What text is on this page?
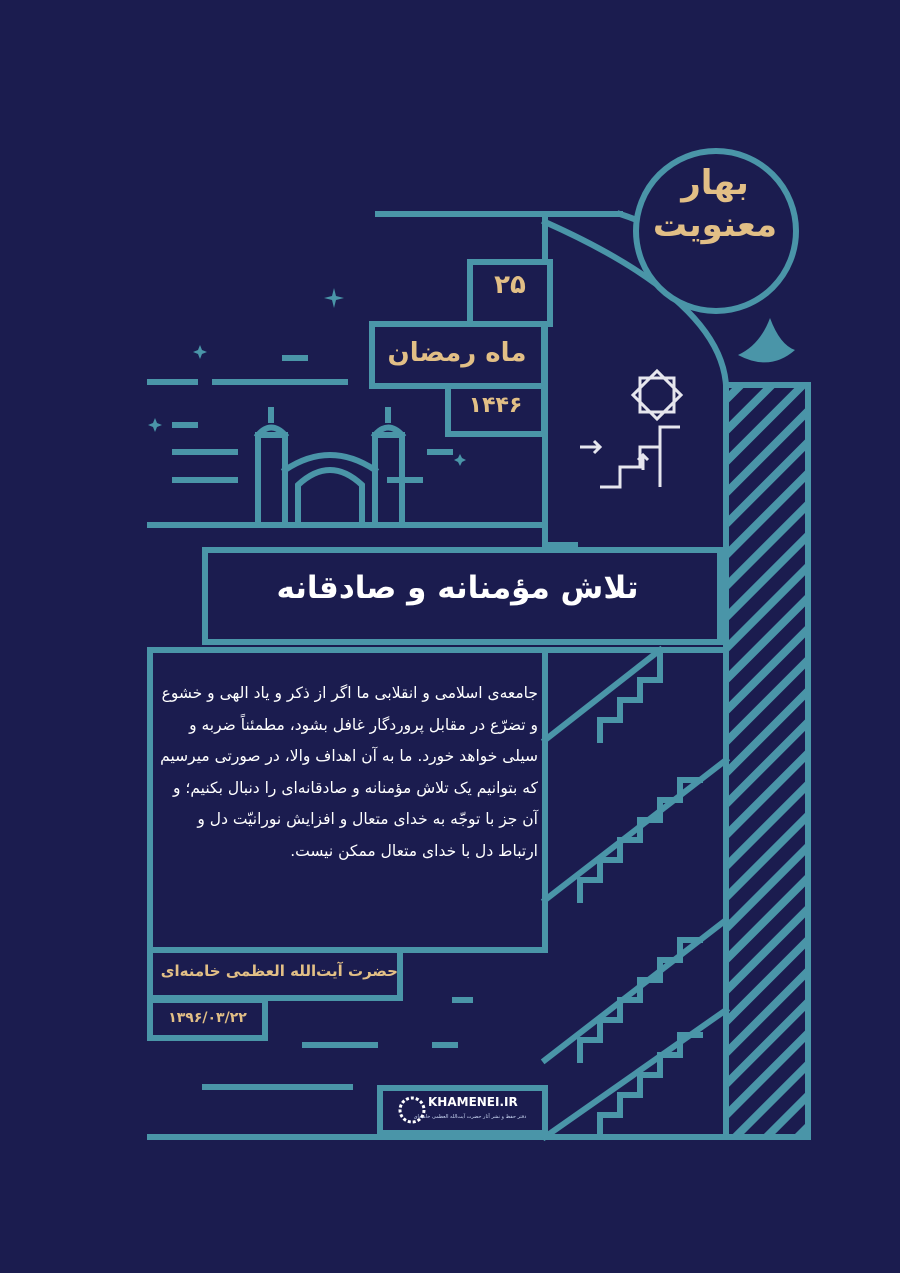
بهار معنویت
۲۵
ماه رمضان
۱۴۴۶
تلاش مؤمنانه و صادقانه
جامعه‌ی اسلامی و انقلابی ما اگر از ذکر و یاد الهی و خشوع و تضرّع در مقابل پروردگار غافل بشود، مطمئناً ضربه و سیلی خواهد خورد. ما به آن اهداف والا، در صورتی میرسیم که بتوانیم یک تلاش مؤمنانه و صادقانه‌ای را دنبال بکنیم؛ و آن جز با توجّه به خدای متعال و افزایش نورانیّت دل و ارتباط دل با خدای متعال ممکن نیست.
حضرت آیت‌الله العظمی خامنه‌ای
۱۳۹۶/۰۳/۲۲
KHAMENEI.IR
دفتر حفظ و نشر آثار حضرت آیت‌الله العظمی خامنه‌ای
